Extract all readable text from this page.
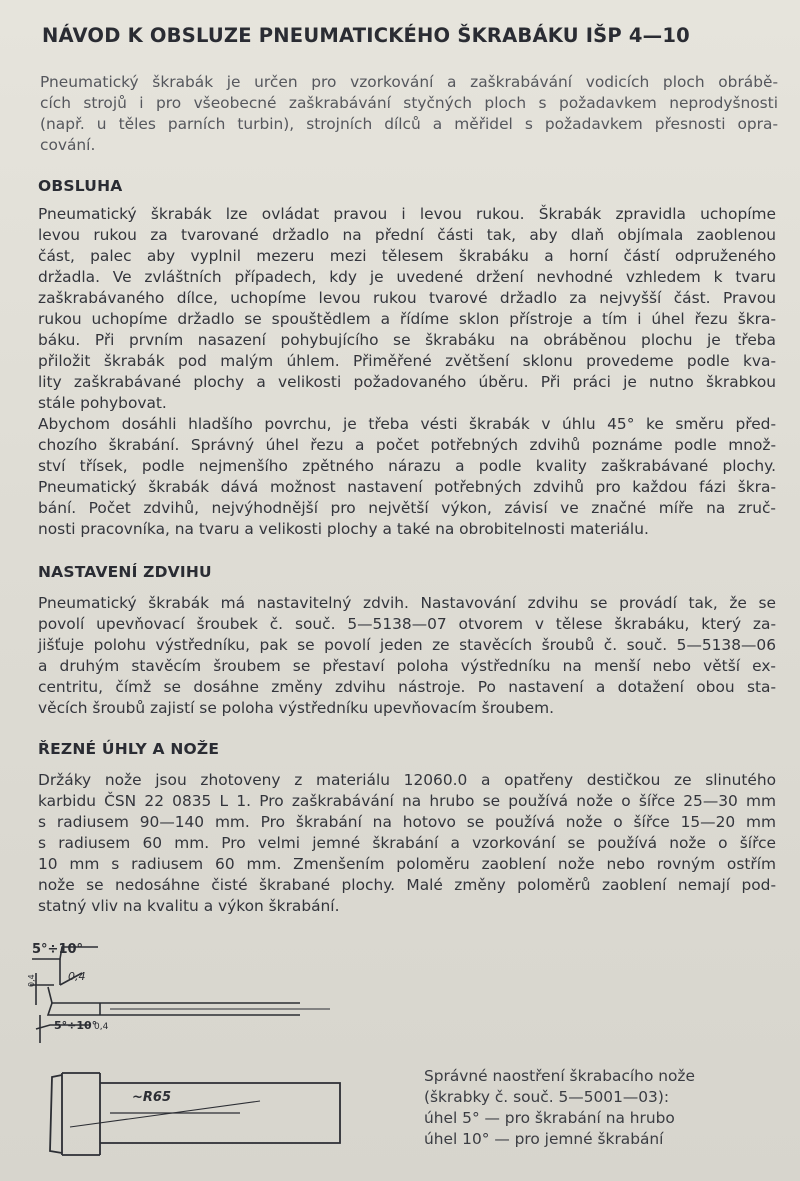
NÁVOD K OBSLUZE PNEUMATICKÉHO ŠKRABÁKU IŠP 4—10
Pneumatický škrabák je určen pro vzorkování a zaškrabávání vodicích ploch obrábě-
cích strojů i pro všeobecné zaškrabávání styčných ploch s požadavkem neprodyšnosti
(např. u těles parních turbin), strojních dílců a měřidel s požadavkem přesnosti opra-
cování.
OBSLUHA
Pneumatický škrabák lze ovládat pravou i levou rukou. Škrabák zpravidla uchopíme
levou rukou za tvarované držadlo na přední části tak, aby dlaň objímala zaoblenou
část, palec aby vyplnil mezeru mezi tělesem škrabáku a horní částí odpruženého
držadla. Ve zvláštních případech, kdy je uvedené držení nevhodné vzhledem k tvaru
zaškrabávaného dílce, uchopíme levou rukou tvarové držadlo za nejvyšší část. Pravou
rukou uchopíme držadlo se spouštědlem a řídíme sklon přístroje a tím i úhel řezu škra-
báku. Při prvním nasazení pohybujícího se škrabáku na obráběnou plochu je třeba
přiložit škrabák pod malým úhlem. Přiměřené zvětšení sklonu provedeme podle kva-
lity zaškrabávané plochy a velikosti požadovaného úběru. Při práci je nutno škrabkou
stále pohybovat.
Abychom dosáhli hladšího povrchu, je třeba vésti škrabák v úhlu 45° ke směru před-
chozího škrabání. Správný úhel řezu a počet potřebných zdvihů poznáme podle množ-
ství třísek, podle nejmenšího zpětného nárazu a podle kvality zaškrabávané plochy.
Pneumatický škrabák dává možnost nastavení potřebných zdvihů pro každou fázi škra-
bání. Počet zdvihů, nejvýhodnější pro největší výkon, závisí ve značné míře na zruč-
nosti pracovníka, na tvaru a velikosti plochy a také na obrobitelnosti materiálu.
NASTAVENÍ ZDVIHU
Pneumatický škrabák má nastavitelný zdvih. Nastavování zdvihu se provádí tak, že se
povolí upevňovací šroubek č. souč. 5—5138—07 otvorem v tělese škrabáku, který za-
jišťuje polohu výstředníku, pak se povolí jeden ze stavěcích šroubů č. souč. 5—5138—06
a druhým stavěcím šroubem se přestaví poloha výstředníku na menší nebo větší ex-
centritu, čímž se dosáhne změny zdvihu nástroje. Po nastavení a dotažení obou sta-
věcích šroubů zajistí se poloha výstředníku upevňovacím šroubem.
ŘEZNÉ ÚHLY A NOŽE
Držáky nože jsou zhotoveny z materiálu 12060.0 a opatřeny destičkou ze slinutého
karbidu ČSN 22 0835 L 1. Pro zaškrabávání na hrubo se používá nože o šířce 25—30 mm
s radiusem 90—140 mm. Pro škrabání na hotovo se používá nože o šířce 15—20 mm
s radiusem 60 mm. Pro velmi jemné škrabání a vzorkování se používá nože o šířce
10 mm s radiusem 60 mm. Zmenšením poloměru zaoblení nože nebo rovným ostřím
nože se nedosáhne čisté škrabané plochy. Malé změny poloměrů zaoblení nemají pod-
statný vliv na kvalitu a výkon škrabání.
5°÷10°
0,4
0,4
5°÷10°
0,4
~R65
Správné naostření škrabacího nože
(škrabky č. souč. 5—5001—03):
úhel 5° — pro škrabání na hrubo
úhel 10° — pro jemné škrabání
